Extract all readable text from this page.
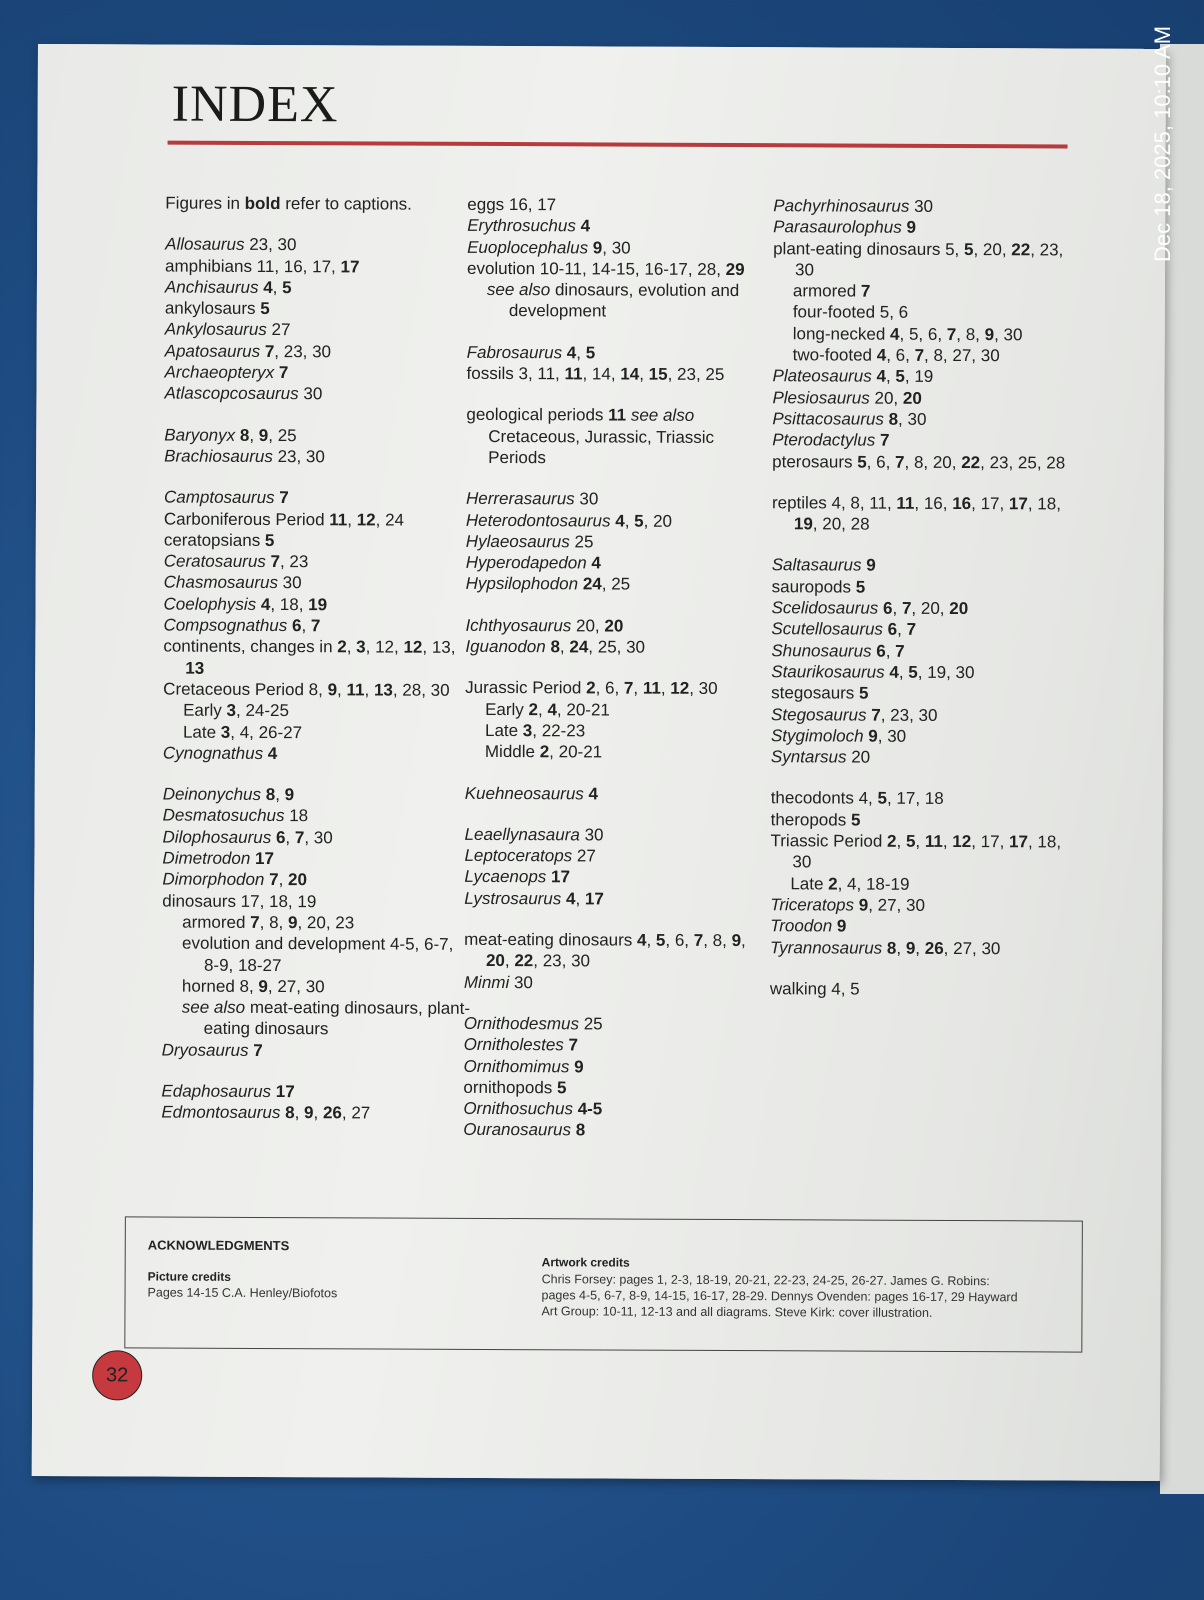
INDEX

Figures in bold refer to captions.

Allosaurus 23, 30

amphibians 11, 16, 17, 17

Anchisaurus 4, 5

ankylosaurs 5

Ankylosaurus 27

Apatosaurus 7, 23, 30

Archaeopteryx 7

Atlascopcosaurus 30

Baryonyx 8, 9, 25

Brachiosaurus 23, 30

Camptosaurus 7

Carboniferous Period 11, 12, 24

ceratopsians 5

Ceratosaurus 7, 23

Chasmosaurus 30

Coelophysis 4, 18, 19

Compsognathus 6, 7

continents, changes in 2, 3, 12, 12, 13, 13

Cretaceous Period 8, 9, 11, 13, 28, 30

Early 3, 24-25

Late 3, 4, 26-27

Cynognathus 4

Deinonychus 8, 9

Desmatosuchus 18

Dilophosaurus 6, 7, 30

Dimetrodon 17

Dimorphodon 7, 20

dinosaurs 17, 18, 19

armored 7, 8, 9, 20, 23

evolution and development 4-5, 6-7, 8-9, 18-27

horned 8, 9, 27, 30

see also meat-eating dinosaurs, plant-eating dinosaurs

Dryosaurus 7

Edaphosaurus 17

Edmontosaurus 8, 9, 26, 27

eggs 16, 17

Erythrosuchus 4

Euoplocephalus 9, 30

evolution 10-11, 14-15, 16-17, 28, 29

see also dinosaurs, evolution and development

Fabrosaurus 4, 5

fossils 3, 11, 11, 14, 14, 15, 23, 25

geological periods 11 see also Cretaceous, Jurassic, Triassic Periods

Herrerasaurus 30

Heterodontosaurus 4, 5, 20

Hylaeosaurus 25

Hyperodapedon 4

Hypsilophodon 24, 25

Ichthyosaurus 20, 20

Iguanodon 8, 24, 25, 30

Jurassic Period 2, 6, 7, 11, 12, 30

Early 2, 4, 20-21

Late 3, 22-23

Middle 2, 20-21

Kuehneosaurus 4

Leaellynasaura 30

Leptoceratops 27

Lycaenops 17

Lystrosaurus 4, 17

meat-eating dinosaurs 4, 5, 6, 7, 8, 9, 20, 22, 23, 30

Minmi 30

Ornithodesmus 25

Ornitholestes 7

Ornithomimus 9

ornithopods 5

Ornithosuchus 4-5

Ouranosaurus 8

Pachyrhinosaurus 30

Parasaurolophus 9

plant-eating dinosaurs 5, 5, 20, 22, 23, 30

armored 7

four-footed 5, 6

long-necked 4, 5, 6, 7, 8, 9, 30

two-footed 4, 6, 7, 8, 27, 30

Plateosaurus 4, 5, 19

Plesiosaurus 20, 20

Psittacosaurus 8, 30

Pterodactylus 7

pterosaurs 5, 6, 7, 8, 20, 22, 23, 25, 28

reptiles 4, 8, 11, 11, 16, 16, 17, 17, 18, 19, 20, 28

Saltasaurus 9

sauropods 5

Scelidosaurus 6, 7, 20, 20

Scutellosaurus 6, 7

Shunosaurus 6, 7

Staurikosaurus 4, 5, 19, 30

stegosaurs 5

Stegosaurus 7, 23, 30

Stygimoloch 9, 30

Syntarsus 20

thecodonts 4, 5, 17, 18

theropods 5

Triassic Period 2, 5, 11, 12, 17, 17, 18, 30

Late 2, 4, 18-19

Triceratops 9, 27, 30

Troodon 9

Tyrannosaurus 8, 9, 26, 27, 30

walking 4, 5

ACKNOWLEDGMENTS
Picture credits
Pages 14-15 C.A. Henley/Biofotos
Artwork credits
Chris Forsey: pages 1, 2-3, 18-19, 20-21, 22-23, 24-25, 26-27. James G. Robins: pages 4-5, 6-7, 8-9, 14-15, 16-17, 28-29. Dennys Ovenden: pages 16-17, 29 Hayward Art Group: 10-11, 12-13 and all diagrams. Steve Kirk: cover illustration.
32
Dec 18, 2025, 10:10 AM
